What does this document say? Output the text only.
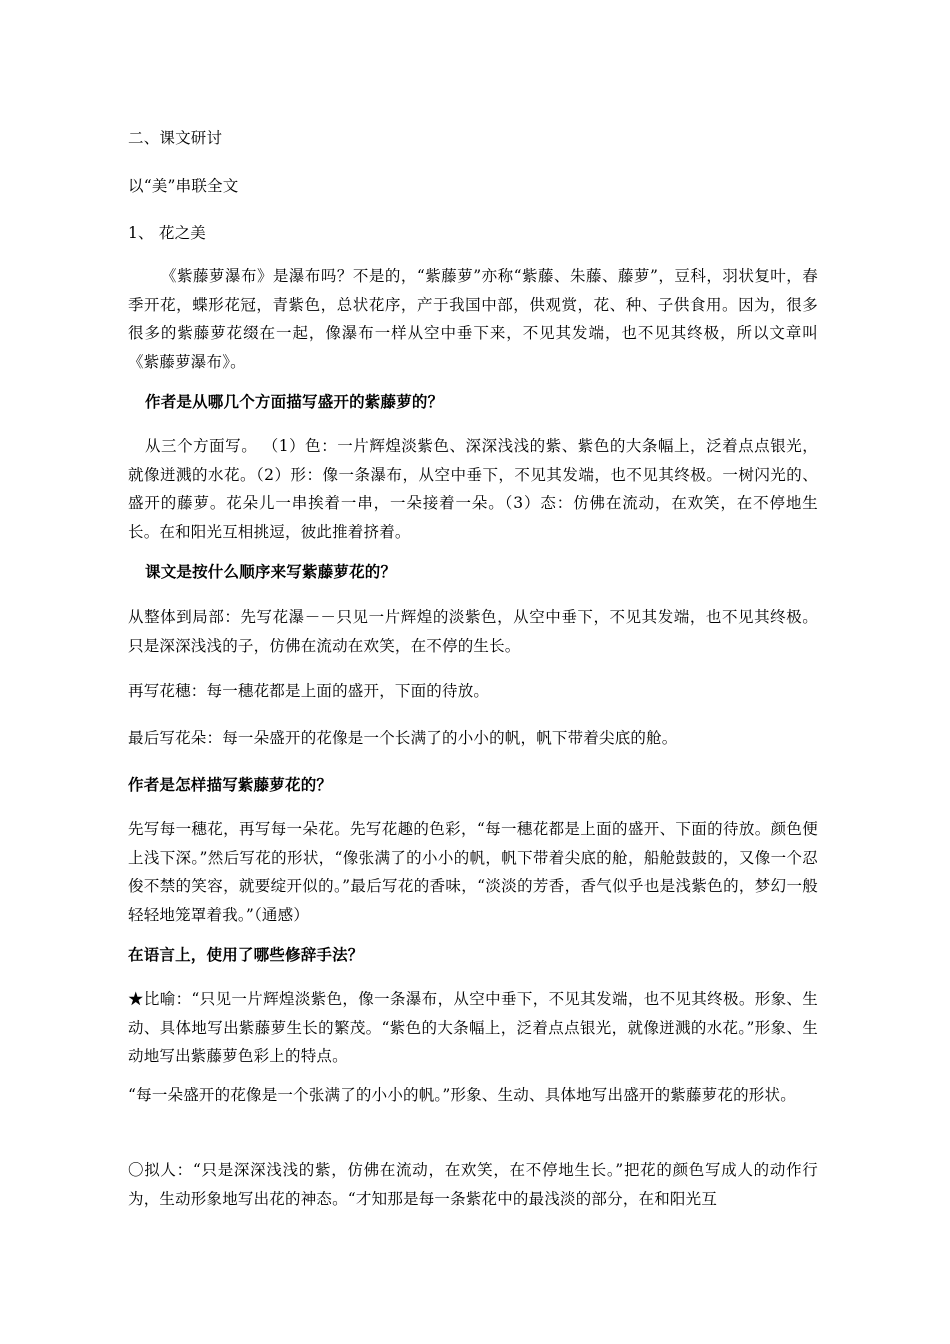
二、课文研讨
以“美”串联全文
1、 花之美
《紫藤萝瀑布》是瀑布吗？不是的，“紫藤萝”亦称“紫藤、朱藤、藤萝”，豆科，羽状复叶，春季开花，蝶形花冠，青紫色，总状花序，产于我国中部，供观赏，花、种、子供食用。因为，很多很多的紫藤萝花缀在一起，像瀑布一样从空中垂下来，不见其发端，也不见其终极，所以文章叫《紫藤萝瀑布》。
作者是从哪几个方面描写盛开的紫藤萝的？
从三个方面写。 （1）色：一片辉煌淡紫色、深深浅浅的紫、紫色的大条幅上，泛着点点银光，就像迸溅的水花。（2）形：像一条瀑布，从空中垂下，不见其发端，也不见其终极。一树闪光的、盛开的藤萝。花朵儿一串挨着一串，一朵接着一朵。（3）态：仿佛在流动，在欢笑，在不停地生长。在和阳光互相挑逗，彼此推着挤着。
课文是按什么顺序来写紫藤萝花的？
从整体到局部：先写花瀑－－只见一片辉煌的淡紫色，从空中垂下，不见其发端，也不见其终极。只是深深浅浅的子，仿佛在流动在欢笑，在不停的生长。
再写花穗：每一穗花都是上面的盛开，下面的待放。
最后写花朵：每一朵盛开的花像是一个长满了的小小的帆，帆下带着尖底的舱。
作者是怎样描写紫藤萝花的？
先写每一穗花，再写每一朵花。先写花趣的色彩，“每一穗花都是上面的盛开、下面的待放。颜色便上浅下深。”然后写花的形状，“像张满了的小小的帆，帆下带着尖底的舱，船舱鼓鼓的，又像一个忍俊不禁的笑容，就要绽开似的。”最后写花的香味，“淡淡的芳香，香气似乎也是浅紫色的，梦幻一般轻轻地笼罩着我。”（通感）
在语言上，使用了哪些修辞手法？
★比喻：“只见一片辉煌淡紫色，像一条瀑布，从空中垂下，不见其发端，也不见其终极。形象、生动、具体地写出紫藤萝生长的繁茂。“紫色的大条幅上，泛着点点银光，就像迸溅的水花。”形象、生动地写出紫藤萝色彩上的特点。
“每一朵盛开的花像是一个张满了的小小的帆。”形象、生动、具体地写出盛开的紫藤萝花的形状。
〇拟人：“只是深深浅浅的紫，仿佛在流动，在欢笑，在不停地生长。”把花的颜色写成人的动作行为，生动形象地写出花的神态。“才知那是每一条紫花中的最浅淡的部分，在和阳光互
